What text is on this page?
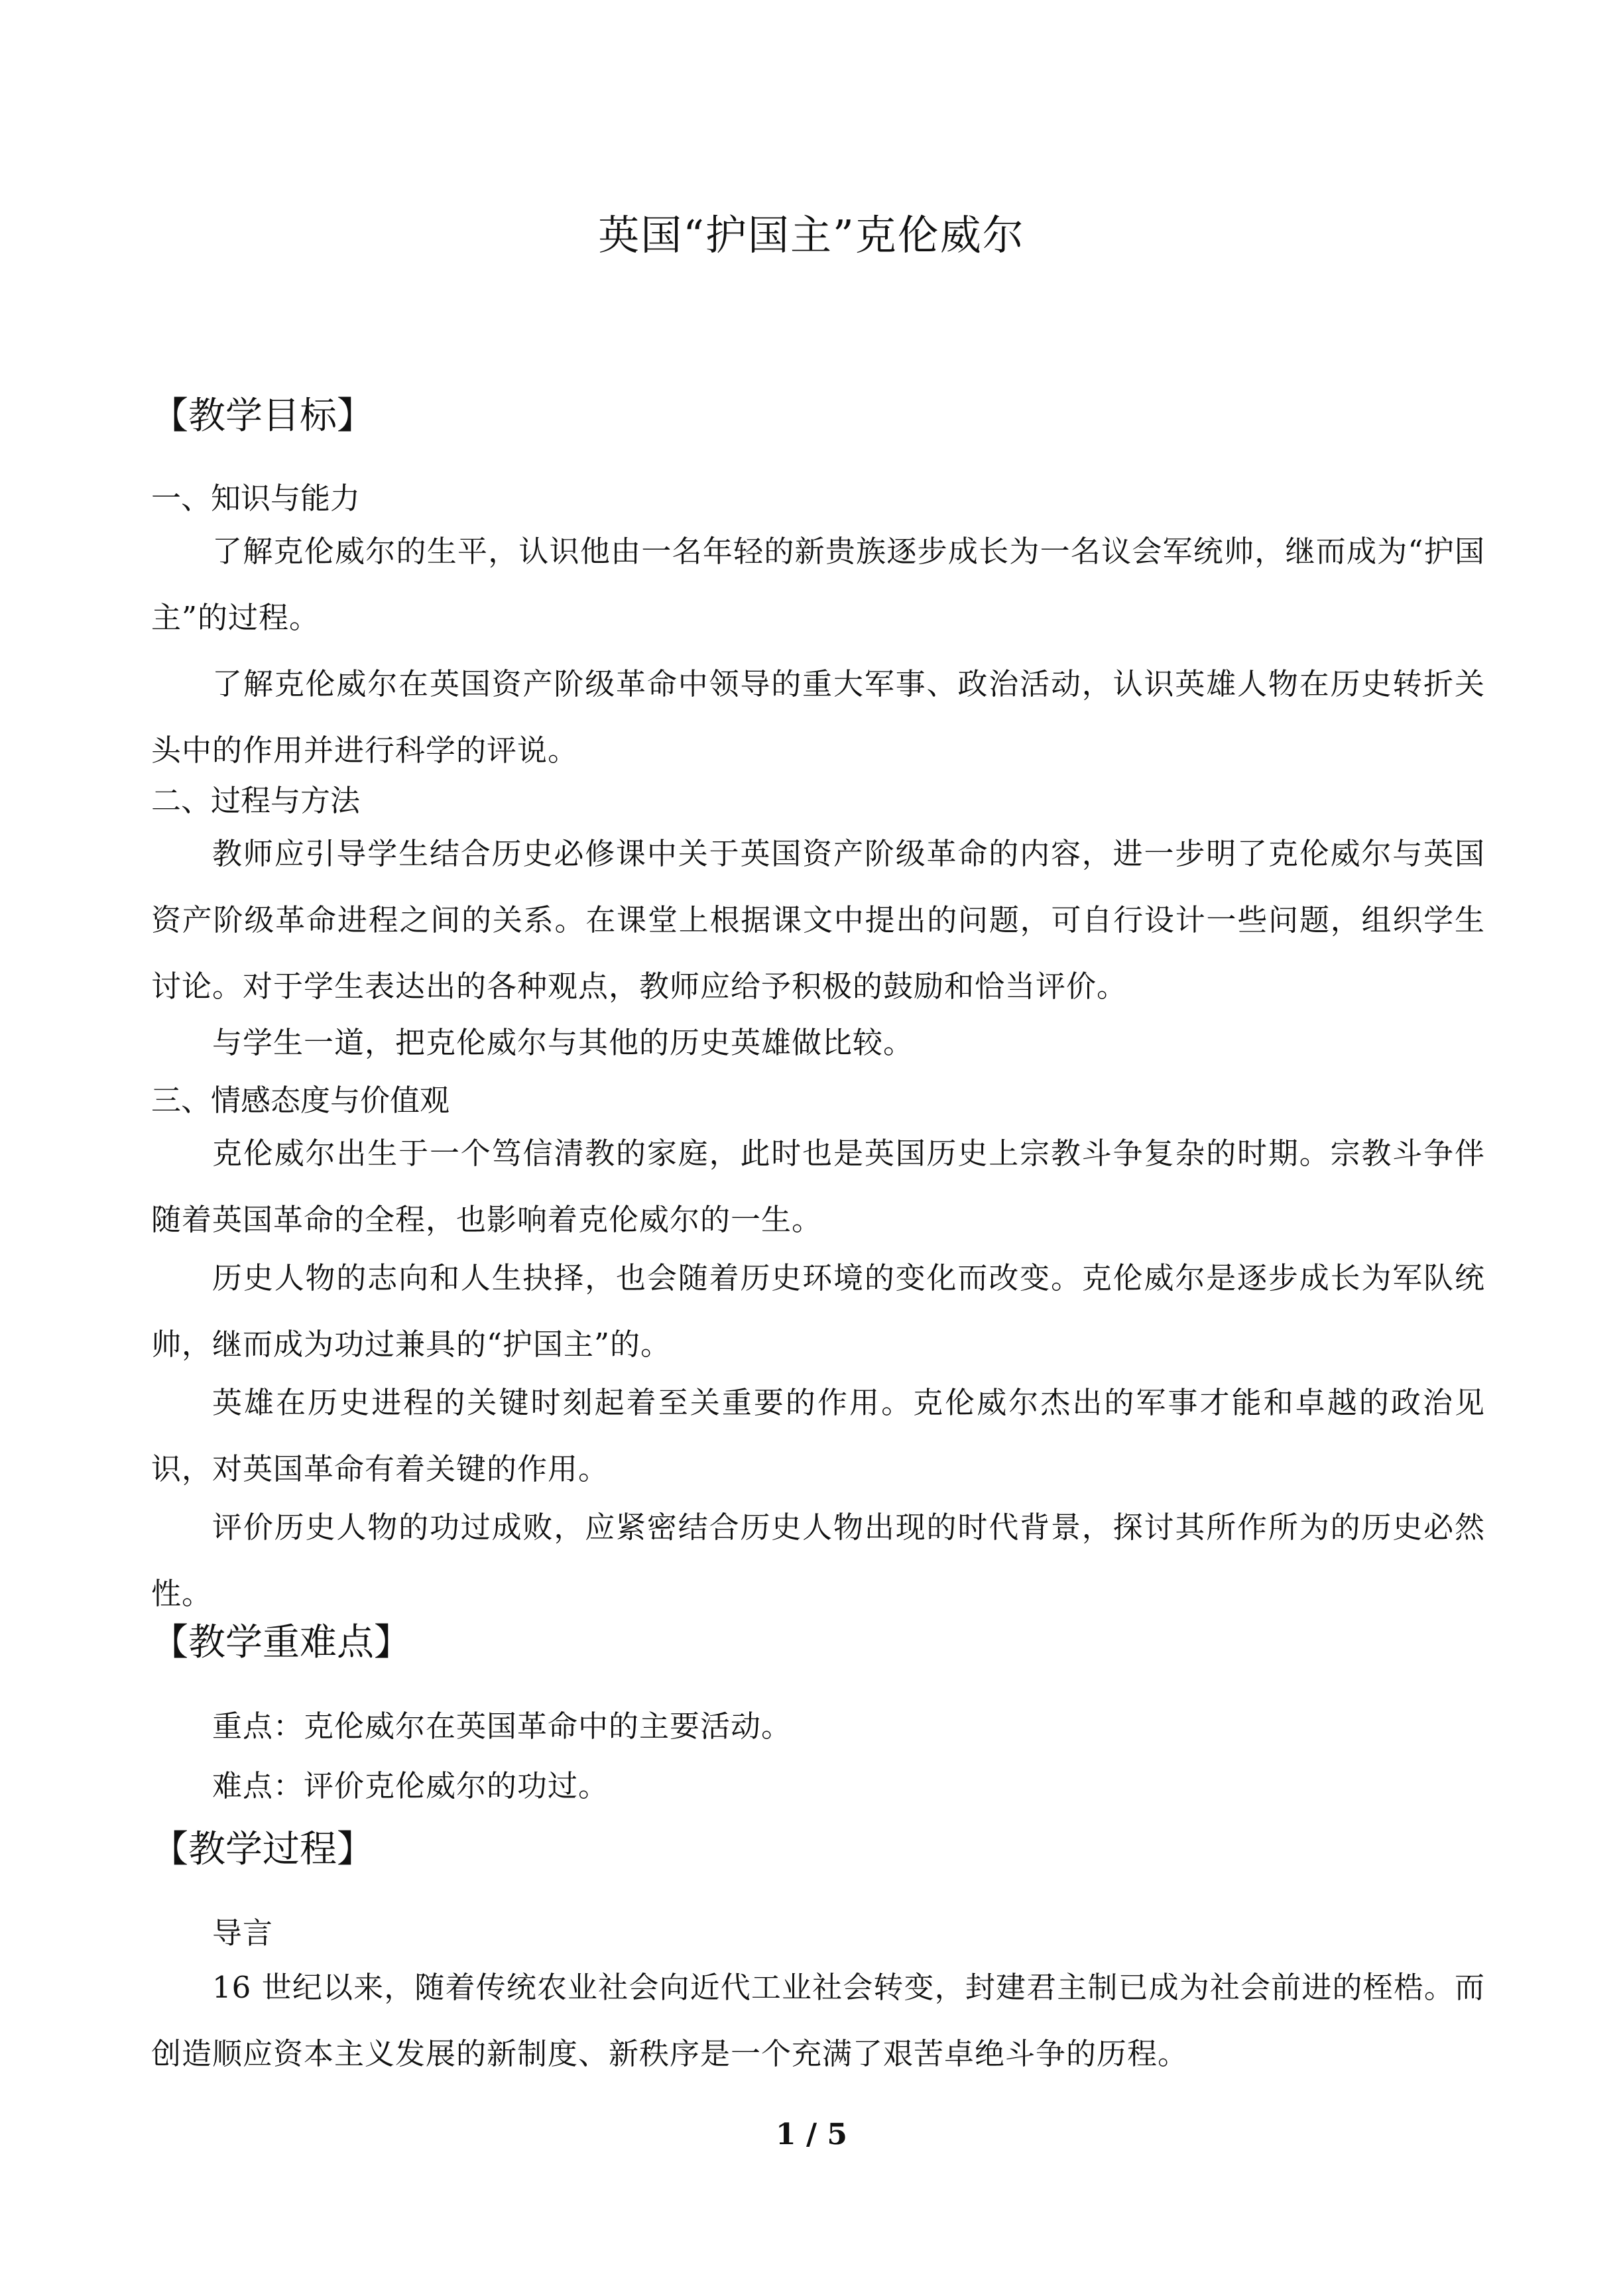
英国“护国主”克伦威尔
【教学目标】
一、知识与能力
了解克伦威尔的生平，认识他由一名年轻的新贵族逐步成长为一名议会军统帅，继而成为“护国主”的过程。
了解克伦威尔在英国资产阶级革命中领导的重大军事、政治活动，认识英雄人物在历史转折关头中的作用并进行科学的评说。
二、过程与方法
教师应引导学生结合历史必修课中关于英国资产阶级革命的内容，进一步明了克伦威尔与英国资产阶级革命进程之间的关系。在课堂上根据课文中提出的问题，可自行设计一些问题，组织学生讨论。对于学生表达出的各种观点，教师应给予积极的鼓励和恰当评价。
与学生一道，把克伦威尔与其他的历史英雄做比较。
三、情感态度与价值观
克伦威尔出生于一个笃信清教的家庭，此时也是英国历史上宗教斗争复杂的时期。宗教斗争伴随着英国革命的全程，也影响着克伦威尔的一生。
历史人物的志向和人生抉择，也会随着历史环境的变化而改变。克伦威尔是逐步成长为军队统帅，继而成为功过兼具的“护国主”的。
英雄在历史进程的关键时刻起着至关重要的作用。克伦威尔杰出的军事才能和卓越的政治见识，对英国革命有着关键的作用。
评价历史人物的功过成败，应紧密结合历史人物出现的时代背景，探讨其所作所为的历史必然性。
【教学重难点】
重点：克伦威尔在英国革命中的主要活动。
难点：评价克伦威尔的功过。
【教学过程】
导言
16 世纪以来，随着传统农业社会向近代工业社会转变，封建君主制已成为社会前进的桎梏。而创造顺应资本主义发展的新制度、新秩序是一个充满了艰苦卓绝斗争的历程。
1 / 5
